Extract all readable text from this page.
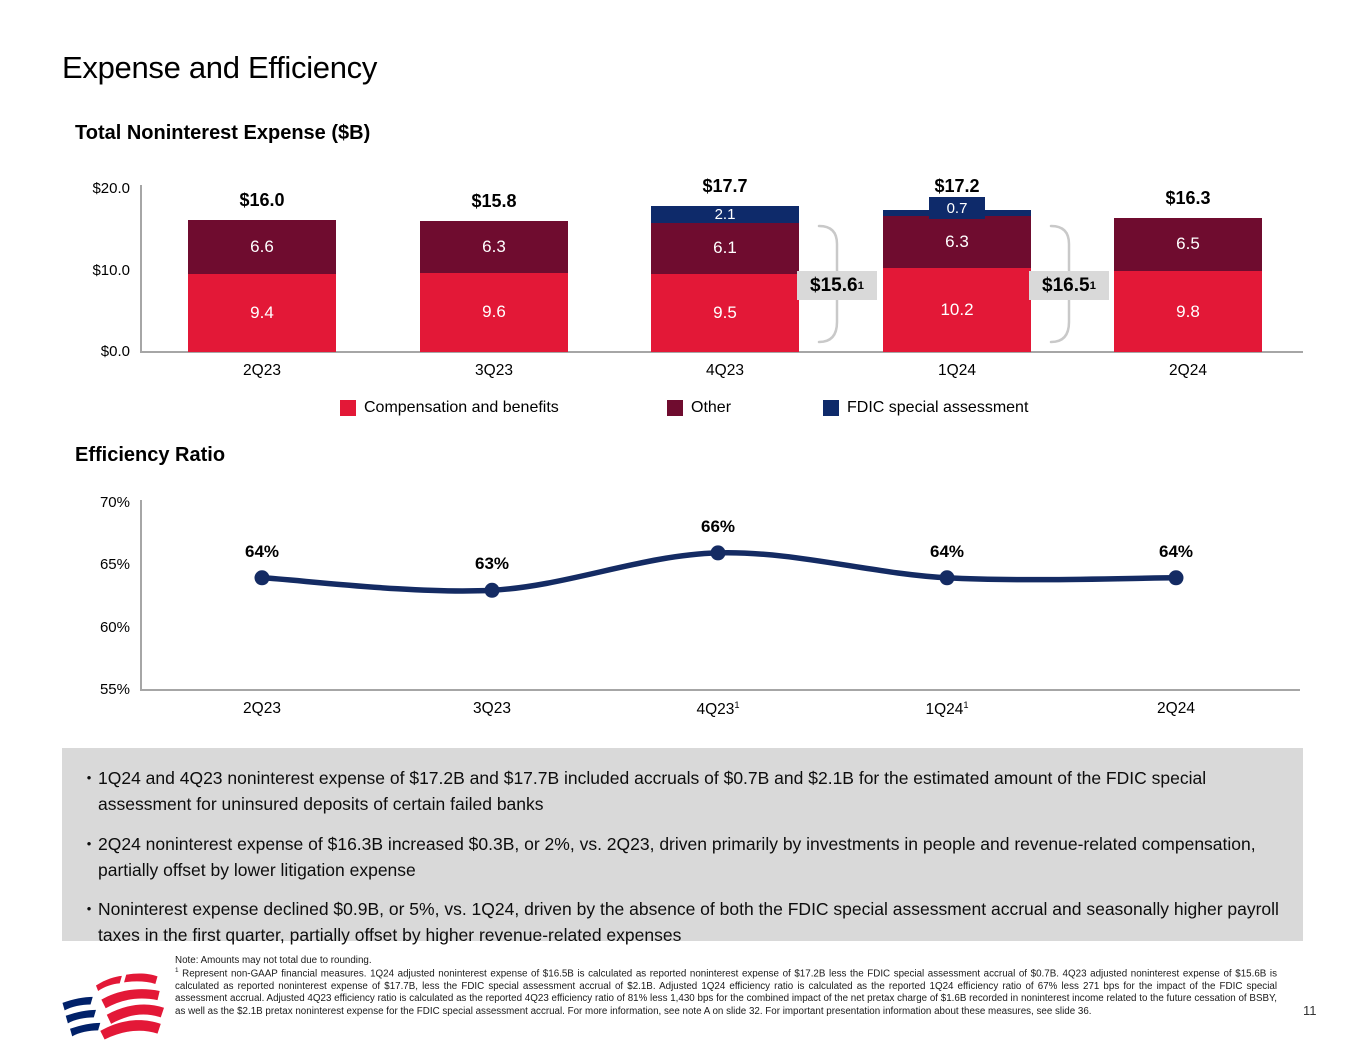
Expense and Efficiency
Total Noninterest Expense ($B)
$20.0
$10.0
$0.0
9.4
6.6
$16.0
2Q23
9.6
6.3
$15.8
3Q23
9.5
6.1
2.1
$17.7
4Q23
10.2
6.3
0.7
$17.2
1Q24
9.8
6.5
$16.3
2Q24
$15.6 1	$16.5 1
Compensation and benefits	Other	FDIC special assessment
Efficiency Ratio
70%
65%
60%
55%
64%
63%
66%
64%	64%
2Q23	3Q23	$4Q23^1$	$1Q24^1$	2Q24
• 1Q24 and 4Q23 noninterest expense of $17.2B and $17.7B included accruals of $0.7B and $2.1B for the estimated amount of the FDIC special assessment for uninsured deposits of certain failed banks
• 2Q24 noninterest expense of $16.3B increased $0.3B, or 2%, vs. 2Q23, driven primarily by investments in people and revenue-related compensation, partially offset by lower litigation expense
• Noninterest expense declined $0.9B, or 5%, vs. 1Q24, driven by the absence of both the FDIC special assessment accrual and seasonally higher payroll taxes in the first quarter, partially offset by higher revenue-related expenses
Note: Amounts may not total due to rounding.
$^1$ Represent non-GAAP financial measures. 1Q24 adjusted noninterest expense of $16.5B is calculated as reported noninterest expense of $17.2B less the FDIC special assessment accrual of $0.7B. 4Q23 adjusted noninterest expense of $15.6B is calculated as reported noninterest expense of $17.7B, less the FDIC special assessment accrual of $2.1B. Adjusted 1Q24 efficiency ratio is calculated as the reported 1Q24 efficiency ratio of 67% less 271 bps for the impact of the FDIC special assessment accrual. Adjusted 4Q23 efficiency ratio is calculated as the reported 4Q23 efficiency ratio of 81% less 1,430 bps for the combined impact of the net pretax charge of $1.6B recorded in noninterest income related to the future cessation of BSBY, as well as the $2.1B pretax noninterest expense for the FDIC special assessment accrual. For more information, see note A on slide 32. For important presentation information about these measures, see slide 36.	11
